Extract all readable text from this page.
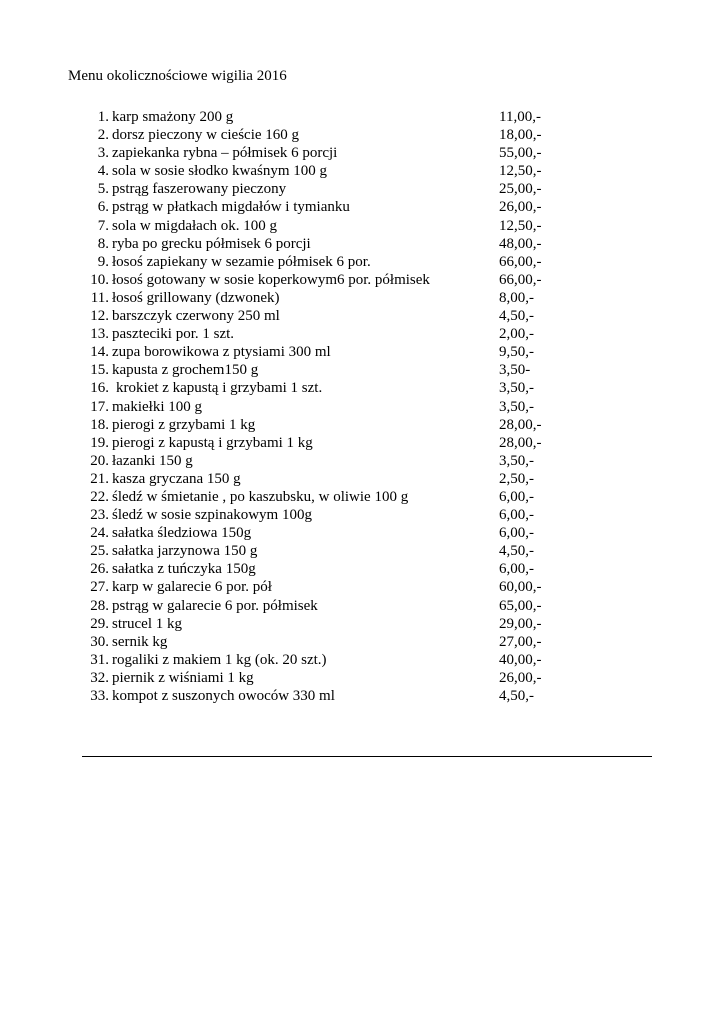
Menu okolicznościowe wigilia 2016
1. karp smażony 200 g	11,00,-
2. dorsz pieczony w cieście 160 g	18,00,-
3. zapiekanka rybna – półmisek 6 porcji	55,00,-
4. sola w sosie słodko kwaśnym 100 g	12,50,-
5. pstrąg faszerowany pieczony	25,00,-
6. pstrąg w płatkach migdałów i tymianku	26,00,-
7. sola w migdałach ok. 100 g	12,50,-
8. ryba po grecku półmisek 6 porcji	48,00,-
9. łosoś zapiekany w sezamie półmisek 6 por.	66,00,-
10. łosoś gotowany w sosie koperkowym6 por. półmisek	66,00,-
11. łosoś grillowany (dzwonek)	8,00,-
12. barszczyk czerwony 250 ml	4,50,-
13. paszteciki por. 1 szt.	2,00,-
14. zupa borowikowa z ptysiami 300 ml	9,50,-
15. kapusta z grochem150 g	3,50-
16. krokiet z kapustą i grzybami 1 szt.	3,50,-
17. makiełki 100 g	3,50,-
18. pierogi z grzybami 1 kg	28,00,-
19. pierogi z kapustą i grzybami 1 kg	28,00,-
20. łazanki 150 g	3,50,-
21. kasza gryczana 150 g	2,50,-
22. śledź w śmietanie , po kaszubsku, w oliwie 100 g	6,00,-
23. śledź w sosie szpinakowym 100g	6,00,-
24. sałatka śledziowa 150g	6,00,-
25. sałatka jarzynowa 150 g	4,50,-
26. sałatka z tuńczyka 150g	6,00,-
27. karp w galarecie 6 por. pół	60,00,-
28. pstrąg w galarecie 6 por. półmisek	65,00,-
29. strucel 1 kg	29,00,-
30. sernik kg	27,00,-
31. rogaliki z makiem 1 kg (ok. 20 szt.)	40,00,-
32. piernik z wiśniami 1 kg	26,00,-
33. kompot z suszonych owoców 330 ml	4,50,-
